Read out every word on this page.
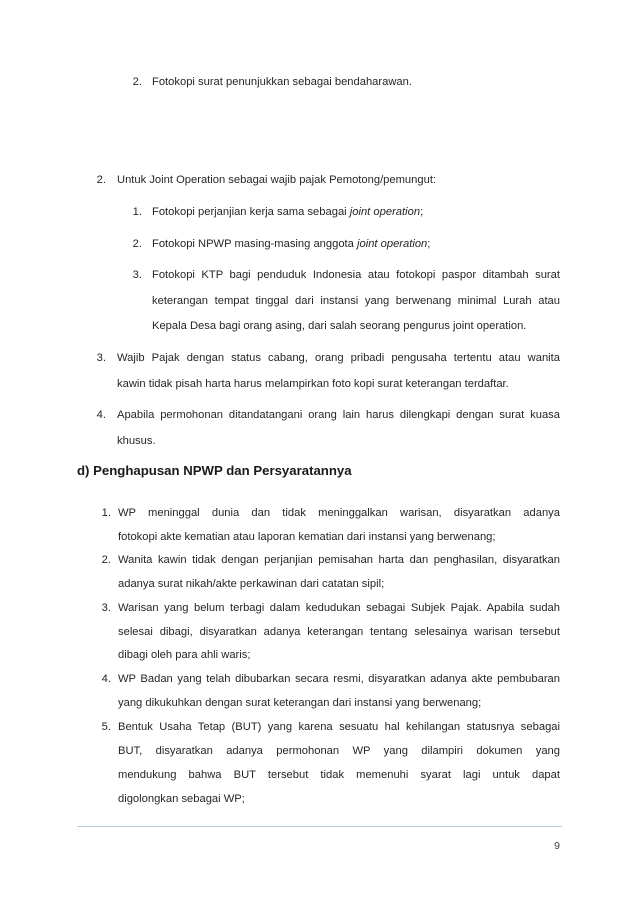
2. Fotokopi surat penunjukkan sebagai bendaharawan.
2. Untuk Joint Operation sebagai wajib pajak Pemotong/pemungut:
1. Fotokopi perjanjian kerja sama sebagai joint operation;
2. Fotokopi NPWP masing-masing anggota joint operation;
3. Fotokopi KTP bagi penduduk Indonesia atau fotokopi paspor ditambah surat
keterangan tempat tinggal dari instansi yang berwenang minimal Lurah atau
Kepala Desa bagi orang asing, dari salah seorang pengurus joint operation.
3. Wajib Pajak dengan status cabang, orang pribadi pengusaha tertentu atau wanita
kawin tidak pisah harta harus melampirkan foto kopi surat keterangan terdaftar.
4. Apabila permohonan ditandatangani orang lain harus dilengkapi dengan surat kuasa
khusus.
d) Penghapusan NPWP dan Persyaratannya
1. WP meninggal dunia dan tidak meninggalkan warisan, disyaratkan adanya
fotokopi akte kematian atau laporan kematian dari instansi yang berwenang;
2. Wanita kawin tidak dengan perjanjian pemisahan harta dan penghasilan, disyaratkan
adanya surat nikah/akte perkawinan dari catatan sipil;
3. Warisan yang belum terbagi dalam kedudukan sebagai Subjek Pajak. Apabila sudah
selesai dibagi, disyaratkan adanya keterangan tentang selesainya warisan tersebut
dibagi oleh para ahli waris;
4. WP Badan yang telah dibubarkan secara resmi, disyaratkan adanya akte pembubaran
yang dikukuhkan dengan surat keterangan dari instansi yang berwenang;
5. Bentuk Usaha Tetap (BUT) yang karena sesuatu hal kehilangan statusnya sebagai
BUT, disyaratkan adanya permohonan WP yang dilampiri dokumen yang
mendukung bahwa BUT tersebut tidak memenuhi syarat lagi untuk dapat
digolongkan sebagai WP;
9
